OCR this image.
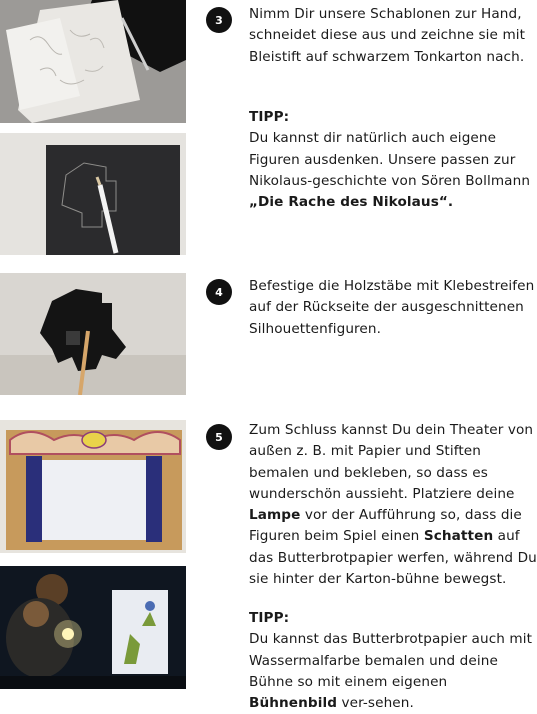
3
4
5

Nimm Dir unsere Schablonen zur Hand, schneidet diese aus und zeichne sie mit Bleistift auf schwarzem Tonkarton nach.

TIPP:

Du kannst dir natürlich auch eigene Figuren ausdenken. Unsere passen zur Nikolaus-geschichte von Sören Bollmann „Die Rache des Nikolaus“.

Befestige die Holzstäbe mit Klebestreifen auf der Rückseite der ausgeschnittenen Silhouettenfiguren.

Zum Schluss kannst Du dein Theater von außen z. B. mit Papier und Stiften bemalen und bekleben, so dass es wunderschön aussieht. Platziere deine Lampe vor der Aufführung so, dass die Figuren beim Spiel einen Schatten auf das Butterbrotpapier werfen, während Du sie hinter der Karton-bühne bewegst.

TIPP:

Du kannst das Butterbrotpapier auch mit Wassermalfarbe bemalen und deine Bühne so mit einem eigenen Bühnenbild ver-sehen.
